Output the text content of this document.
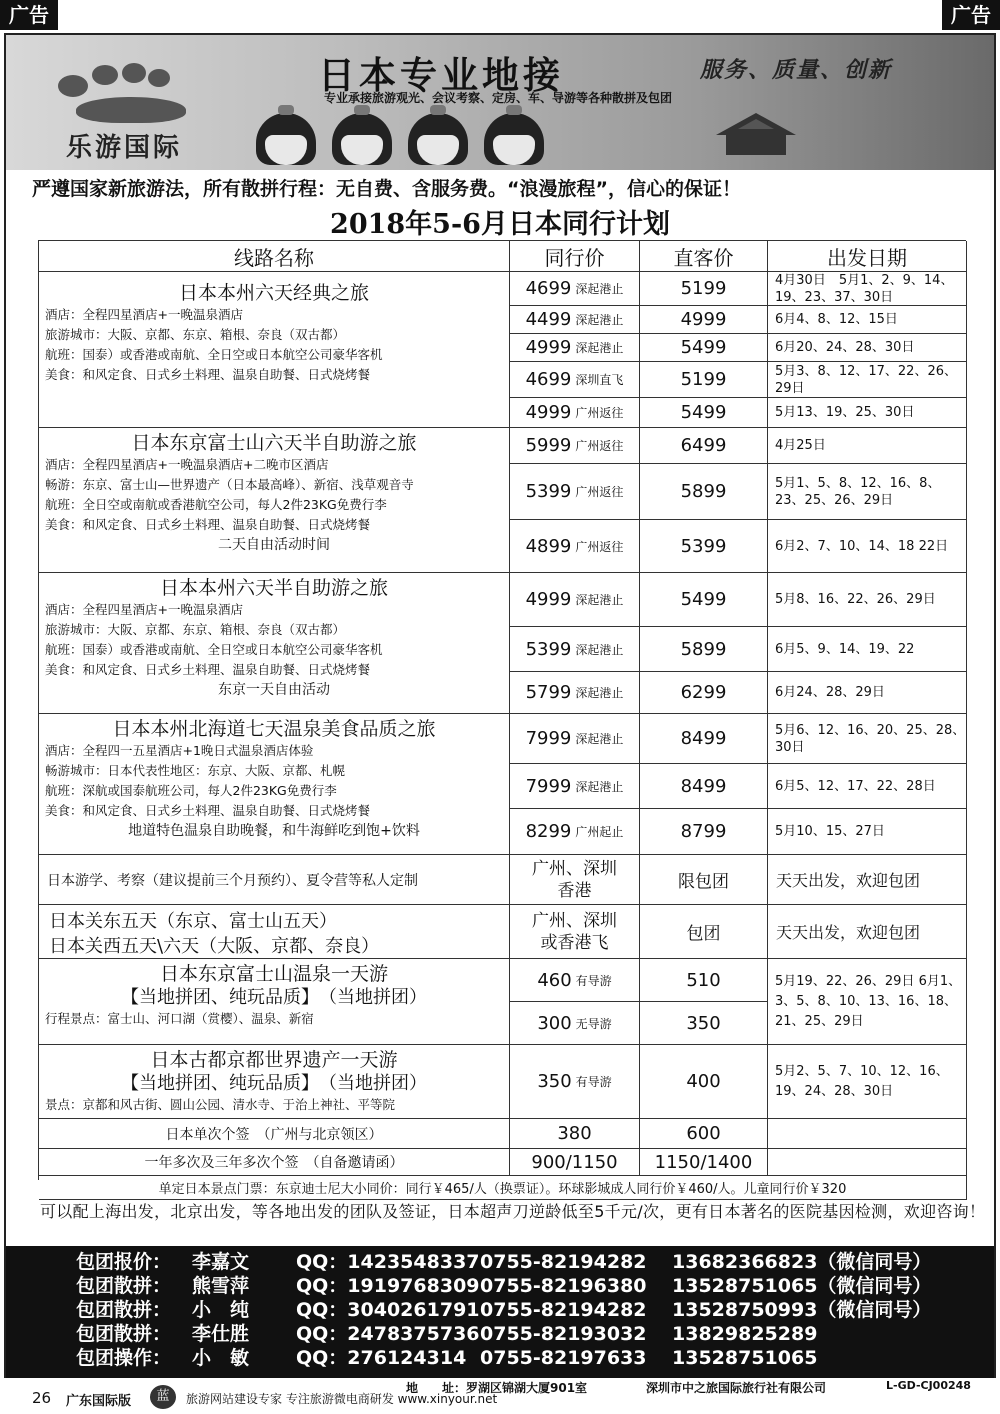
广告	广告
乐游国际
日本专业地接	服务、质量、创新
专业承接旅游观光、会议考察、定房、车、导游等各种散拼及包团
严遵国家新旅游法，所有散拼行程：无自费、含服务费。“浪漫旅程”，信心的保证！
2018年5-6月日本同行计划
线路名称	同行价	直客价	出发日期
日本本州六天经典之旅
酒店：全程四星酒店+一晚温泉酒店
旅游城市：大阪、京都、东京、箱根、奈良（双古都）
航班：国泰）或香港或南航、全日空或日本航空公司豪华客机
美食：和风定食、日式乡土料理、温泉自助餐、日式烧烤餐
4699 深起港止	5199	4月30日　5月1、2、9、14、19、23、37、30日
4499 深起港止	4999	6月4、8、12、15日
4999 深起港止	5499	6月20、24、28、30日
4699 深圳直飞	5199	5月3、8、12、17、22、26、29日
4999 广州返往	5499	5月13、19、25、30日
日本东京富士山六天半自助游之旅
酒店：全程四星酒店+一晚温泉酒店+二晚市区酒店
畅游：东京、富士山—世界遗产（日本最高峰）、新宿、浅草观音寺
航班：全日空或南航或香港航空公司，每人2件23KG免费行李
美食：和风定食、日式乡土料理、温泉自助餐、日式烧烤餐
二天自由活动时间
5999 广州返往	6499	4月25日
5399 广州返往	5899	5月1、5、8、12、16、8、23、25、26、29日
4899 广州返往	5399	6月2、7、10、14、18 22日
日本本州六天半自助游之旅
酒店：全程四星酒店+一晚温泉酒店
旅游城市：大阪、京都、东京、箱根、奈良（双古都）
航班：国泰）或香港或南航、全日空或日本航空公司豪华客机
美食：和风定食、日式乡土料理、温泉自助餐、日式烧烤餐
东京一天自由活动
4999 深起港止	5499	5月8、16、22、26、29日
5399 深起港止	5899	6月5、9、14、19、22
5799 深起港止	6299	6月24、28、29日
日本本州北海道七天温泉美食品质之旅
酒店：全程四一五星酒店+1晚日式温泉酒店体验
畅游城市：日本代表性地区：东京、大阪、京都、札幌
航班：深航或国泰航班公司，每人2件23KG免费行李
美食：和风定食、日式乡土料理、温泉自助餐、日式烧烤餐
地道特色温泉自助晚餐，和牛海鲜吃到饱+饮料
7999 深起港止	8499	5月6、12、16、20、25、28、30日
7999 深起港止	8499	6月5、12、17、22、28日
8299 广州起止	8799	5月10、15、27日
日本游学、考察（建议提前三个月预约）、夏令营等私人定制
广州、深圳 香港	限包团	天天出发，欢迎包团
日本关东五天（东京、富士山五天）
日本关西五天\六天（大阪、京都、奈良）
广州、深圳 或香港飞	包团	天天出发，欢迎包团
日本东京富士山温泉一天游
【当地拼团、纯玩品质】　（当地拼团）
行程景点：富士山、河口湖（赏樱）、温泉、新宿
460 有导游	510
300 无导游	350
5月19、22、26、29日 6月1、3、5、8、10、13、16、18、21、25、29日
日本古都京都世界遗产一天游
【当地拼团、纯玩品质】　（当地拼团）
景点：京都和风古街、圆山公园、清水寺、于治上神社、平等院
350 有导游	400	5月2、5、7、10、12、16、19、24、28、30日
日本单次个签　（广州与北京领区）	380	600
一年多次及三年多次个签　（自备邀请函）	900/1150	1150/1400
单定日本景点门票：东京迪士尼大小同价：同行￥465/人（换票证）。环球影城成人同行价￥460/人。儿童同行价￥320
可以配上海出发，北京出发，等各地出发的团队及签证，日本超声刀逆龄低至5千元/次，更有日本著名的医院基因检测，欢迎咨询！
包团报价： 李嘉文 QQ：1423548337 0755-82194282 13682366823（微信同号）
包团散拼： 熊雪萍 QQ：1919768309 0755-82196380 13528751065（微信同号）
包团散拼： 小　纯 QQ：3040261791 0755-82194282 13528750993（微信同号）
包团散拼： 李仕胜 QQ：2478375736 0755-82193032 13829825289
包团操作： 小　敏 QQ：276124314 0755-82197633 13528751065
地　　址：罗湖区锦湖大厦901室	深圳市中之旅国际旅行社有限公司	L-GD-CJ00248
26 广东国际版	蓝	旅游网站建设专家 专注旅游微电商研发 www.xinyour.net
